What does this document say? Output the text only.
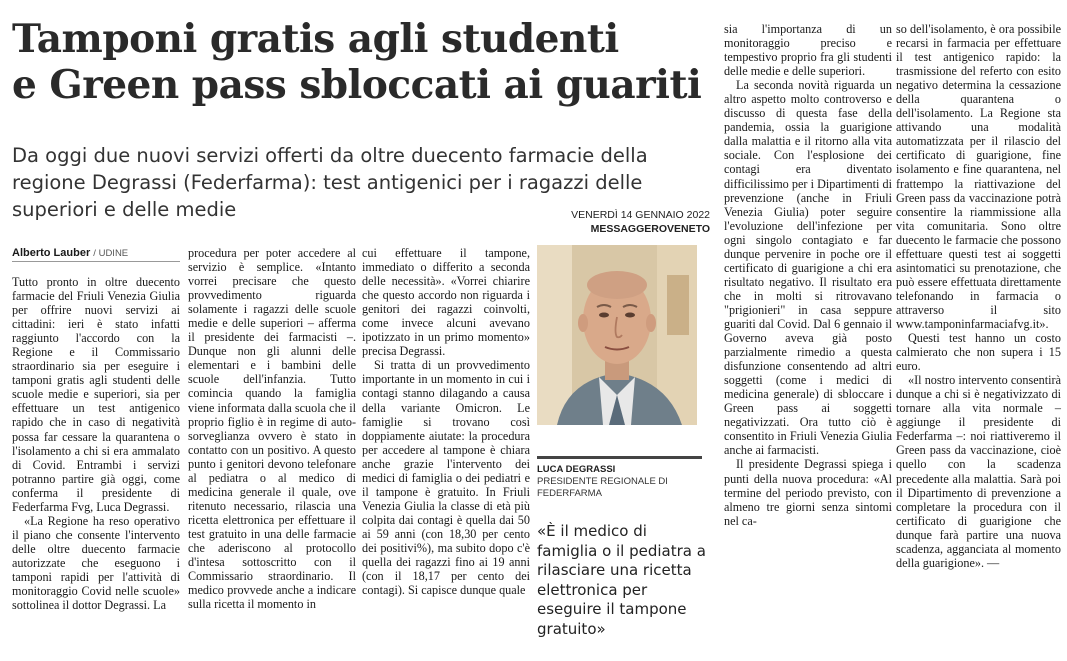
Tamponi gratis agli studenti
e Green pass sbloccati ai guariti
Da oggi due nuovi servizi offerti da oltre duecento farmacie della regione Degrassi (Federfarma): test antigenici per i ragazzi delle superiori e delle medie	VENERDÌ 14 GENNAIO 2022
MESSAGGEROVENETO
Alberto Lauber / UDINE

Tutto pronto in oltre duecento farmacie del Friuli Venezia Giulia per offrire nuovi servizi ai cittadini: ieri è stato infatti raggiunto l'accordo con la Regione e il Commissario straordinario sia per eseguire i tamponi gratis agli studenti delle scuole medie e superiori, sia per effettuare un test antigenico rapido che in caso di negatività possa far cessare la quarantena o l'isolamento a chi si era ammalato di Covid. Entrambi i servizi potranno partire già oggi, come conferma il presidente di Federfarma Fvg, Luca Degrassi.

«La Regione ha reso operativo il piano che consente l'intervento delle oltre duecento farmacie autorizzate che eseguono i tamponi rapidi per l'attività di monitoraggio Covid nelle scuole» sottolinea il dottor Degrassi. La

procedura per poter accedere al servizio è semplice. «Intanto vorrei precisare che questo provvedimento riguarda solamente i ragazzi delle scuole medie e delle superiori – afferma il presidente dei farmacisti –. Dunque non gli alunni delle elementari e i bambini delle scuole dell'infanzia. Tutto comincia quando la famiglia viene informata dalla scuola che il proprio figlio è in regime di auto-sorveglianza ovvero è stato in contatto con un positivo. A questo punto i genitori devono telefonare al pediatra o al medico di medicina generale il quale, ove ritenuto necessario, rilascia una ricetta elettronica per effettuare il test gratuito in una delle farmacie che aderiscono al protocollo d'intesa sottoscritto con il Commissario straordinario. Il medico provvede anche a indicare sulla ricetta il momento in

cui effettuare il tampone, immediato o differito a seconda delle necessità». «Vorrei chiarire che questo accordo non riguarda i genitori dei ragazzi coinvolti, come invece alcuni avevano ipotizzato in un primo momento» precisa Degrassi.

Si tratta di un provvedimento importante in un momento in cui i contagi stanno dilagando a causa della variante Omicron. Le famiglie si trovano così doppiamente aiutate: la procedura per accedere al tampone è chiara anche grazie l'intervento dei medici di famiglia o dei pediatri e il tampone è gratuito. In Friuli Venezia Giulia la classe di età più colpita dai contagi è quella dai 50 ai 59 anni (con 18,30 per cento dei positivi%), ma subito dopo c'è quella dei ragazzi fino ai 19 anni (con il 18,17 per cento dei contagi). Si capisce dunque quale

LUCA DEGRASSI
PRESIDENTE REGIONALE DI FEDERFARMA
«È il medico di famiglia o il pediatra a rilasciare una ricetta elettronica per eseguire il tampone gratuito»

sia l'importanza di un monitoraggio preciso e tempestivo proprio fra gli studenti delle medie e delle superiori.

La seconda novità riguarda un altro aspetto molto controverso e discusso di questa fase della pandemia, ossia la guarigione dalla malattia e il ritorno alla vita sociale. Con l'esplosione dei contagi era diventato difficilissimo per i Dipartimenti di prevenzione (anche in Friuli Venezia Giulia) poter seguire l'evoluzione dell'infezione per ogni singolo contagiato e far dunque pervenire in poche ore il certificato di guarigione a chi era risultato negativo. Il risultato era che in molti si ritrovavano "prigionieri" in casa seppure guariti dal Covid. Dal 6 gennaio il Governo aveva già posto parzialmente rimedio a questa disfunzione consentendo ad altri soggetti (come i medici di medicina generale) di sbloccare i Green pass ai soggetti negativizzati. Ora tutto ciò è consentito in Friuli Venezia Giulia anche ai farmacisti.

Il presidente Degrassi spiega i punti della nuova procedura: «Al termine del periodo previsto, con almeno tre giorni senza sintomi nel ca-

so dell'isolamento, è ora possibile recarsi in farmacia per effettuare il test antigenico rapido: la trasmissione del referto con esito negativo determina la cessazione della quarantena o dell'isolamento. La Regione sta attivando una modalità automatizzata per il rilascio del certificato di guarigione, fine isolamento e fine quarantena, nel frattempo la riattivazione del Green pass da vaccinazione potrà consentire la riammissione alla vita comunitaria. Sono oltre duecento le farmacie che possono effettuare questi test ai soggetti asintomatici su prenotazione, che può essere effettuata direttamente telefonando in farmacia o attraverso il sito www.tamponinfarmaciafvg.it».

Questi test hanno un costo calmierato che non supera i 15 euro.

«Il nostro intervento consentirà dunque a chi si è negativizzato di tornare alla vita normale – aggiunge il presidente di Federfarma –: noi riattiveremo il Green pass da vaccinazione, cioè quello con la scadenza precedente alla malattia. Sarà poi il Dipartimento di prevenzione a completare la procedura con il certificato di guarigione che dunque farà partire una nuova scadenza, agganciata al momento della guarigione». —
